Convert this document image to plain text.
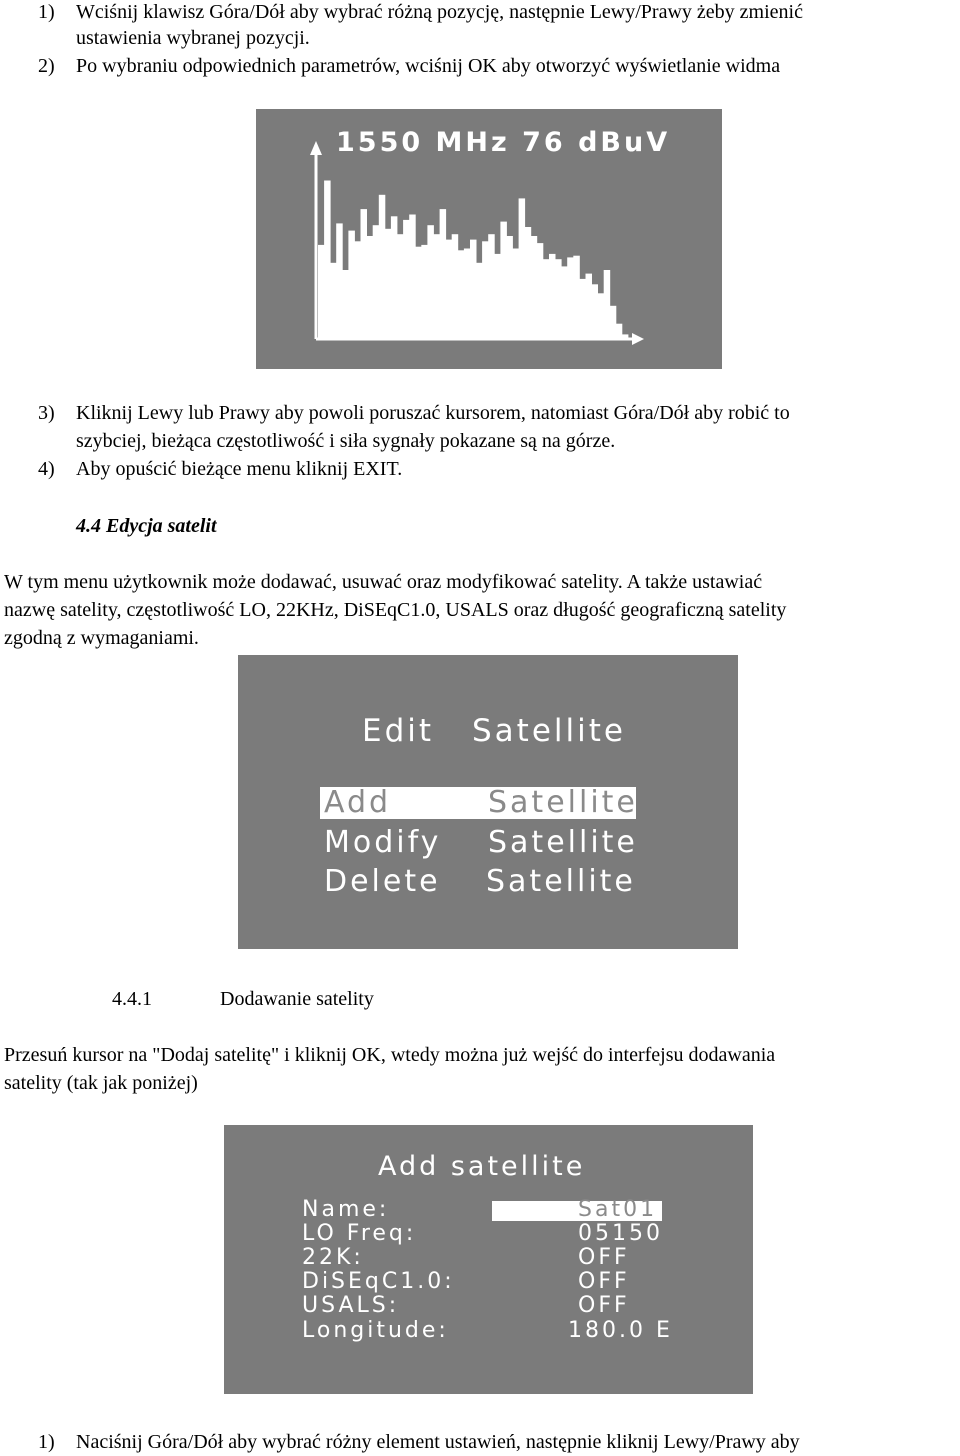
1) Wciśnij klawisz Góra/Dół aby wybrać różną pozycję, następnie Lewy/Prawy żeby zmienić
ustawienia wybranej pozycji.
2) Po wybraniu odpowiednich parametrów, wciśnij OK aby otworzyć wyświetlanie widma
1550 MHz 76 dBuV
3) Kliknij Lewy lub Prawy aby powoli poruszać kursorem, natomiast Góra/Dół aby robić to
szybciej, bieżąca częstotliwość i siła sygnały pokazane są na górze.
4) Aby opuścić bieżące menu kliknij EXIT.
4.4 Edycja satelit
W tym menu użytkownik może dodawać, usuwać oraz modyfikować satelity. A także ustawiać
nazwę satelity, częstotliwość LO, 22KHz, DiSEqC1.0, USALS oraz długość geograficzną satelity
zgodną z wymaganiami.
Edit Satellite
Add	Satellite
Modify Satellite
Delete Satellite
4.4.1	Dodawanie satelity
Przesuń kursor na "Dodaj satelitę" i kliknij OK, wtedy można już wejść do interfejsu dodawania
satelity (tak jak poniżej)
Add satellite
Name:	Sat01
LO Freq:	05150
22K:	OFF
DiSEqC1.0:	OFF
USALS:	OFF
Longitude:	180.0 E
1) Naciśnij Góra/Dół aby wybrać różny element ustawień, następnie kliknij Lewy/Prawy aby
